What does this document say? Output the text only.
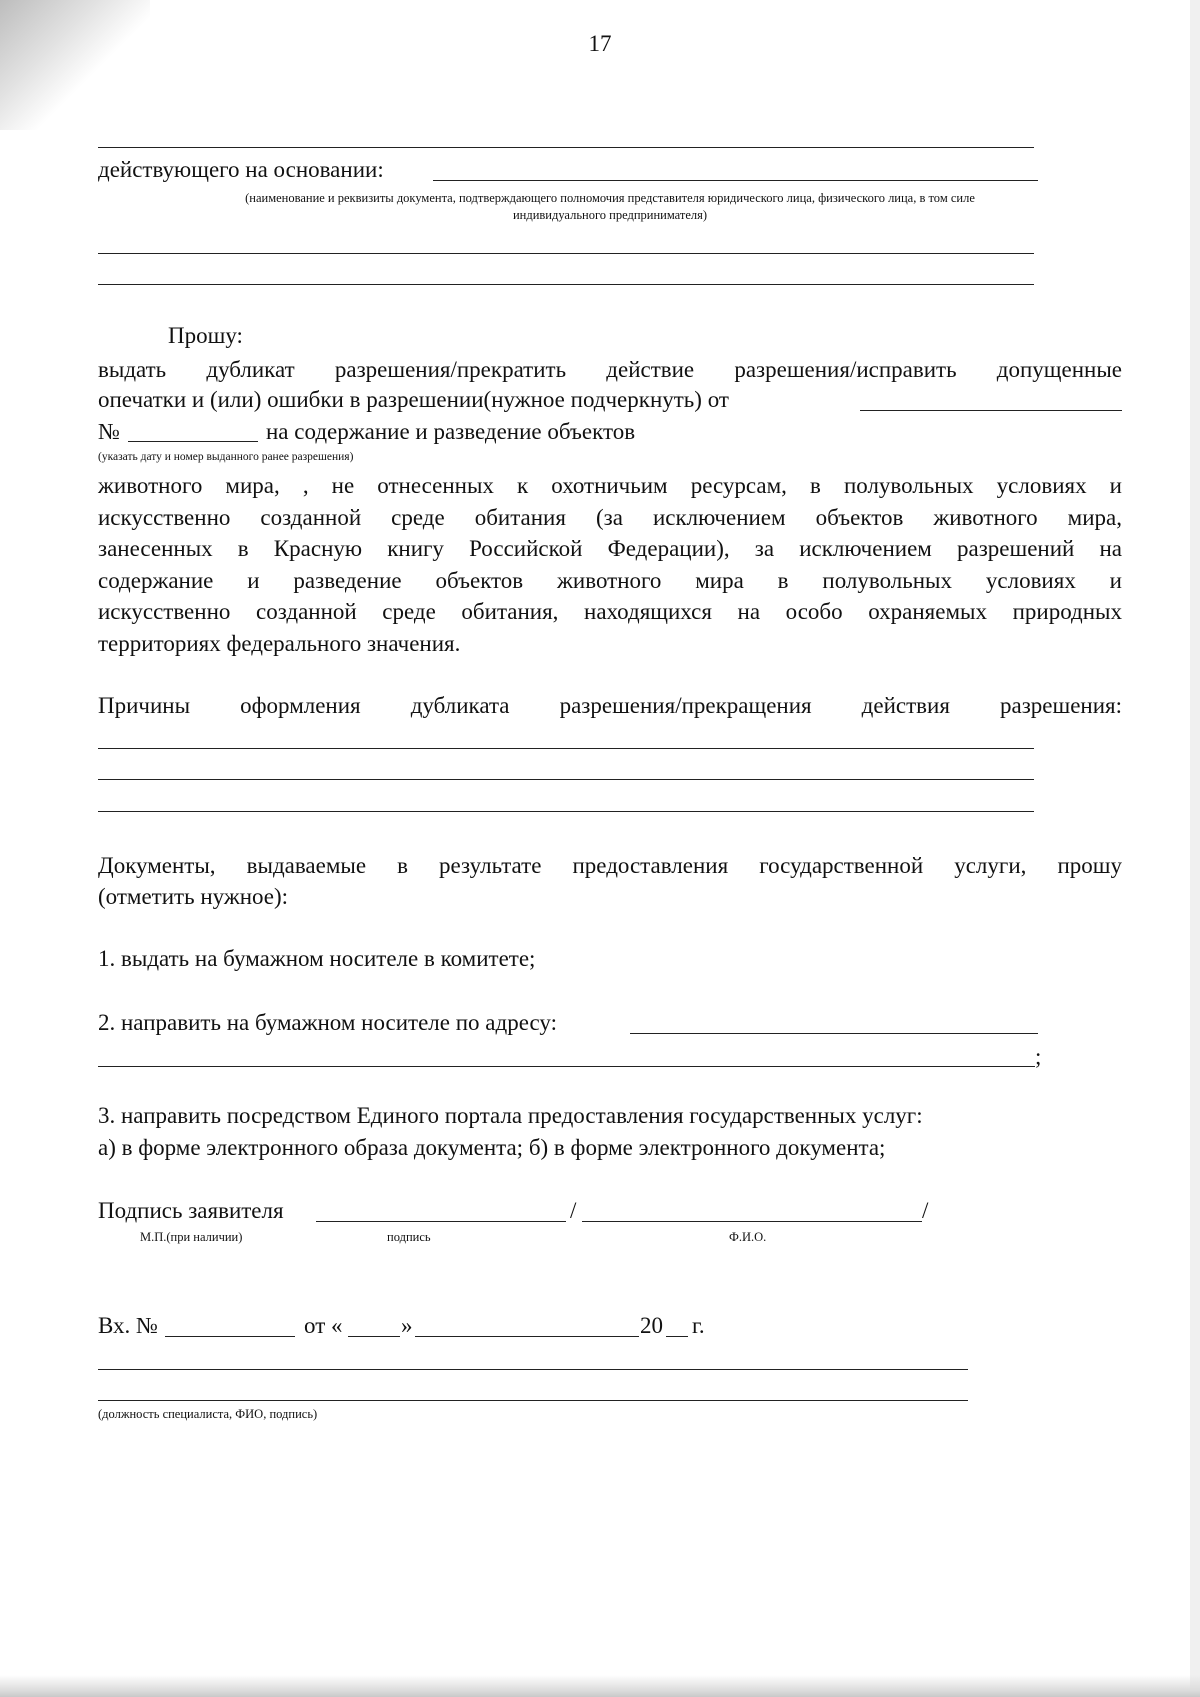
17
действующего на основании:
(наименование и реквизиты документа, подтверждающего полномочия представителя юридического лица, физического лица, в том силе
индивидуального предпринимателя)
Прошу:
выдать дубликат разрешения/прекратить действие разрешения/исправить допущенные
опечатки и (или) ошибки в разрешении(нужное подчеркнуть) от
№	на содержание и разведение объектов
(указать дату и номер выданного ранее разрешения)
животного мира, , не отнесенных к охотничьим ресурсам, в полувольных условиях и
искусственно созданной среде обитания (за исключением объектов животного мира,
занесенных в Красную книгу Российской Федерации), за исключением разрешений на
содержание и разведение объектов животного мира в полувольных условиях и
искусственно созданной среде обитания, находящихся на особо охраняемых природных
территориях федерального значения.
Причины оформления дубликата разрешения/прекращения действия разрешения:
Документы, выдаваемые в результате предоставления государственной услуги, прошу
(отметить нужное):
1. выдать на бумажном носителе в комитете;
2. направить на бумажном носителе по адресу:
;
3. направить посредством Единого портала предоставления государственных услуг:
а) в форме электронного образа документа; б) в форме электронного документа;
Подпись заявителя	/	/
М.П.(при наличии)	подпись	Ф.И.О.
Вх. №	от «	»	20 г.
(должность специалиста, ФИО, подпись)
